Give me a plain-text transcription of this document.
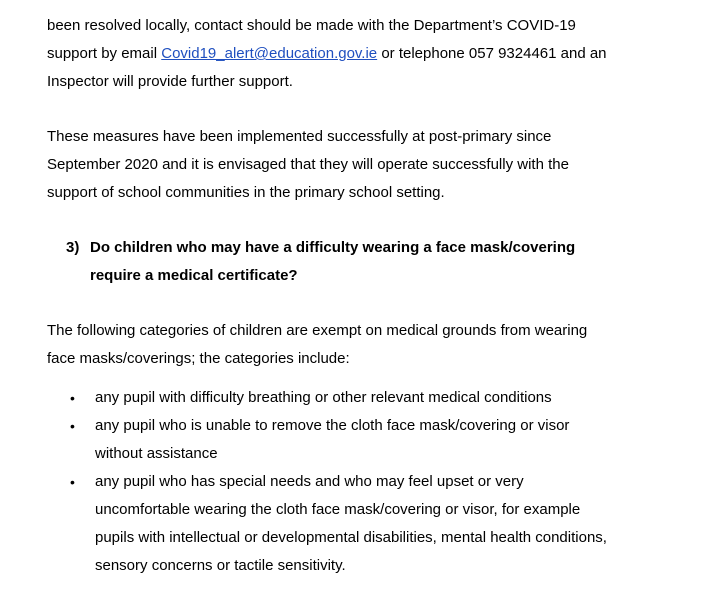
been resolved locally, contact should be made with the Department’s COVID-19
support by email Covid19_alert@education.gov.ie or telephone 057 9324461 and an
Inspector will provide further support.
These measures have been implemented successfully at post-primary since
September 2020 and it is envisaged that they will operate successfully with the
support of school communities in the primary school setting.
3) Do children who may have a difficulty wearing a face mask/covering
require a medical certificate?
The following categories of children are exempt on medical grounds from wearing
face masks/coverings; the categories include:
• any pupil with difficulty breathing or other relevant medical conditions
• any pupil who is unable to remove the cloth face mask/covering or visor
without assistance
• any pupil who has special needs and who may feel upset or very
uncomfortable wearing the cloth face mask/covering or visor, for example
pupils with intellectual or developmental disabilities, mental health conditions,
sensory concerns or tactile sensitivity.
